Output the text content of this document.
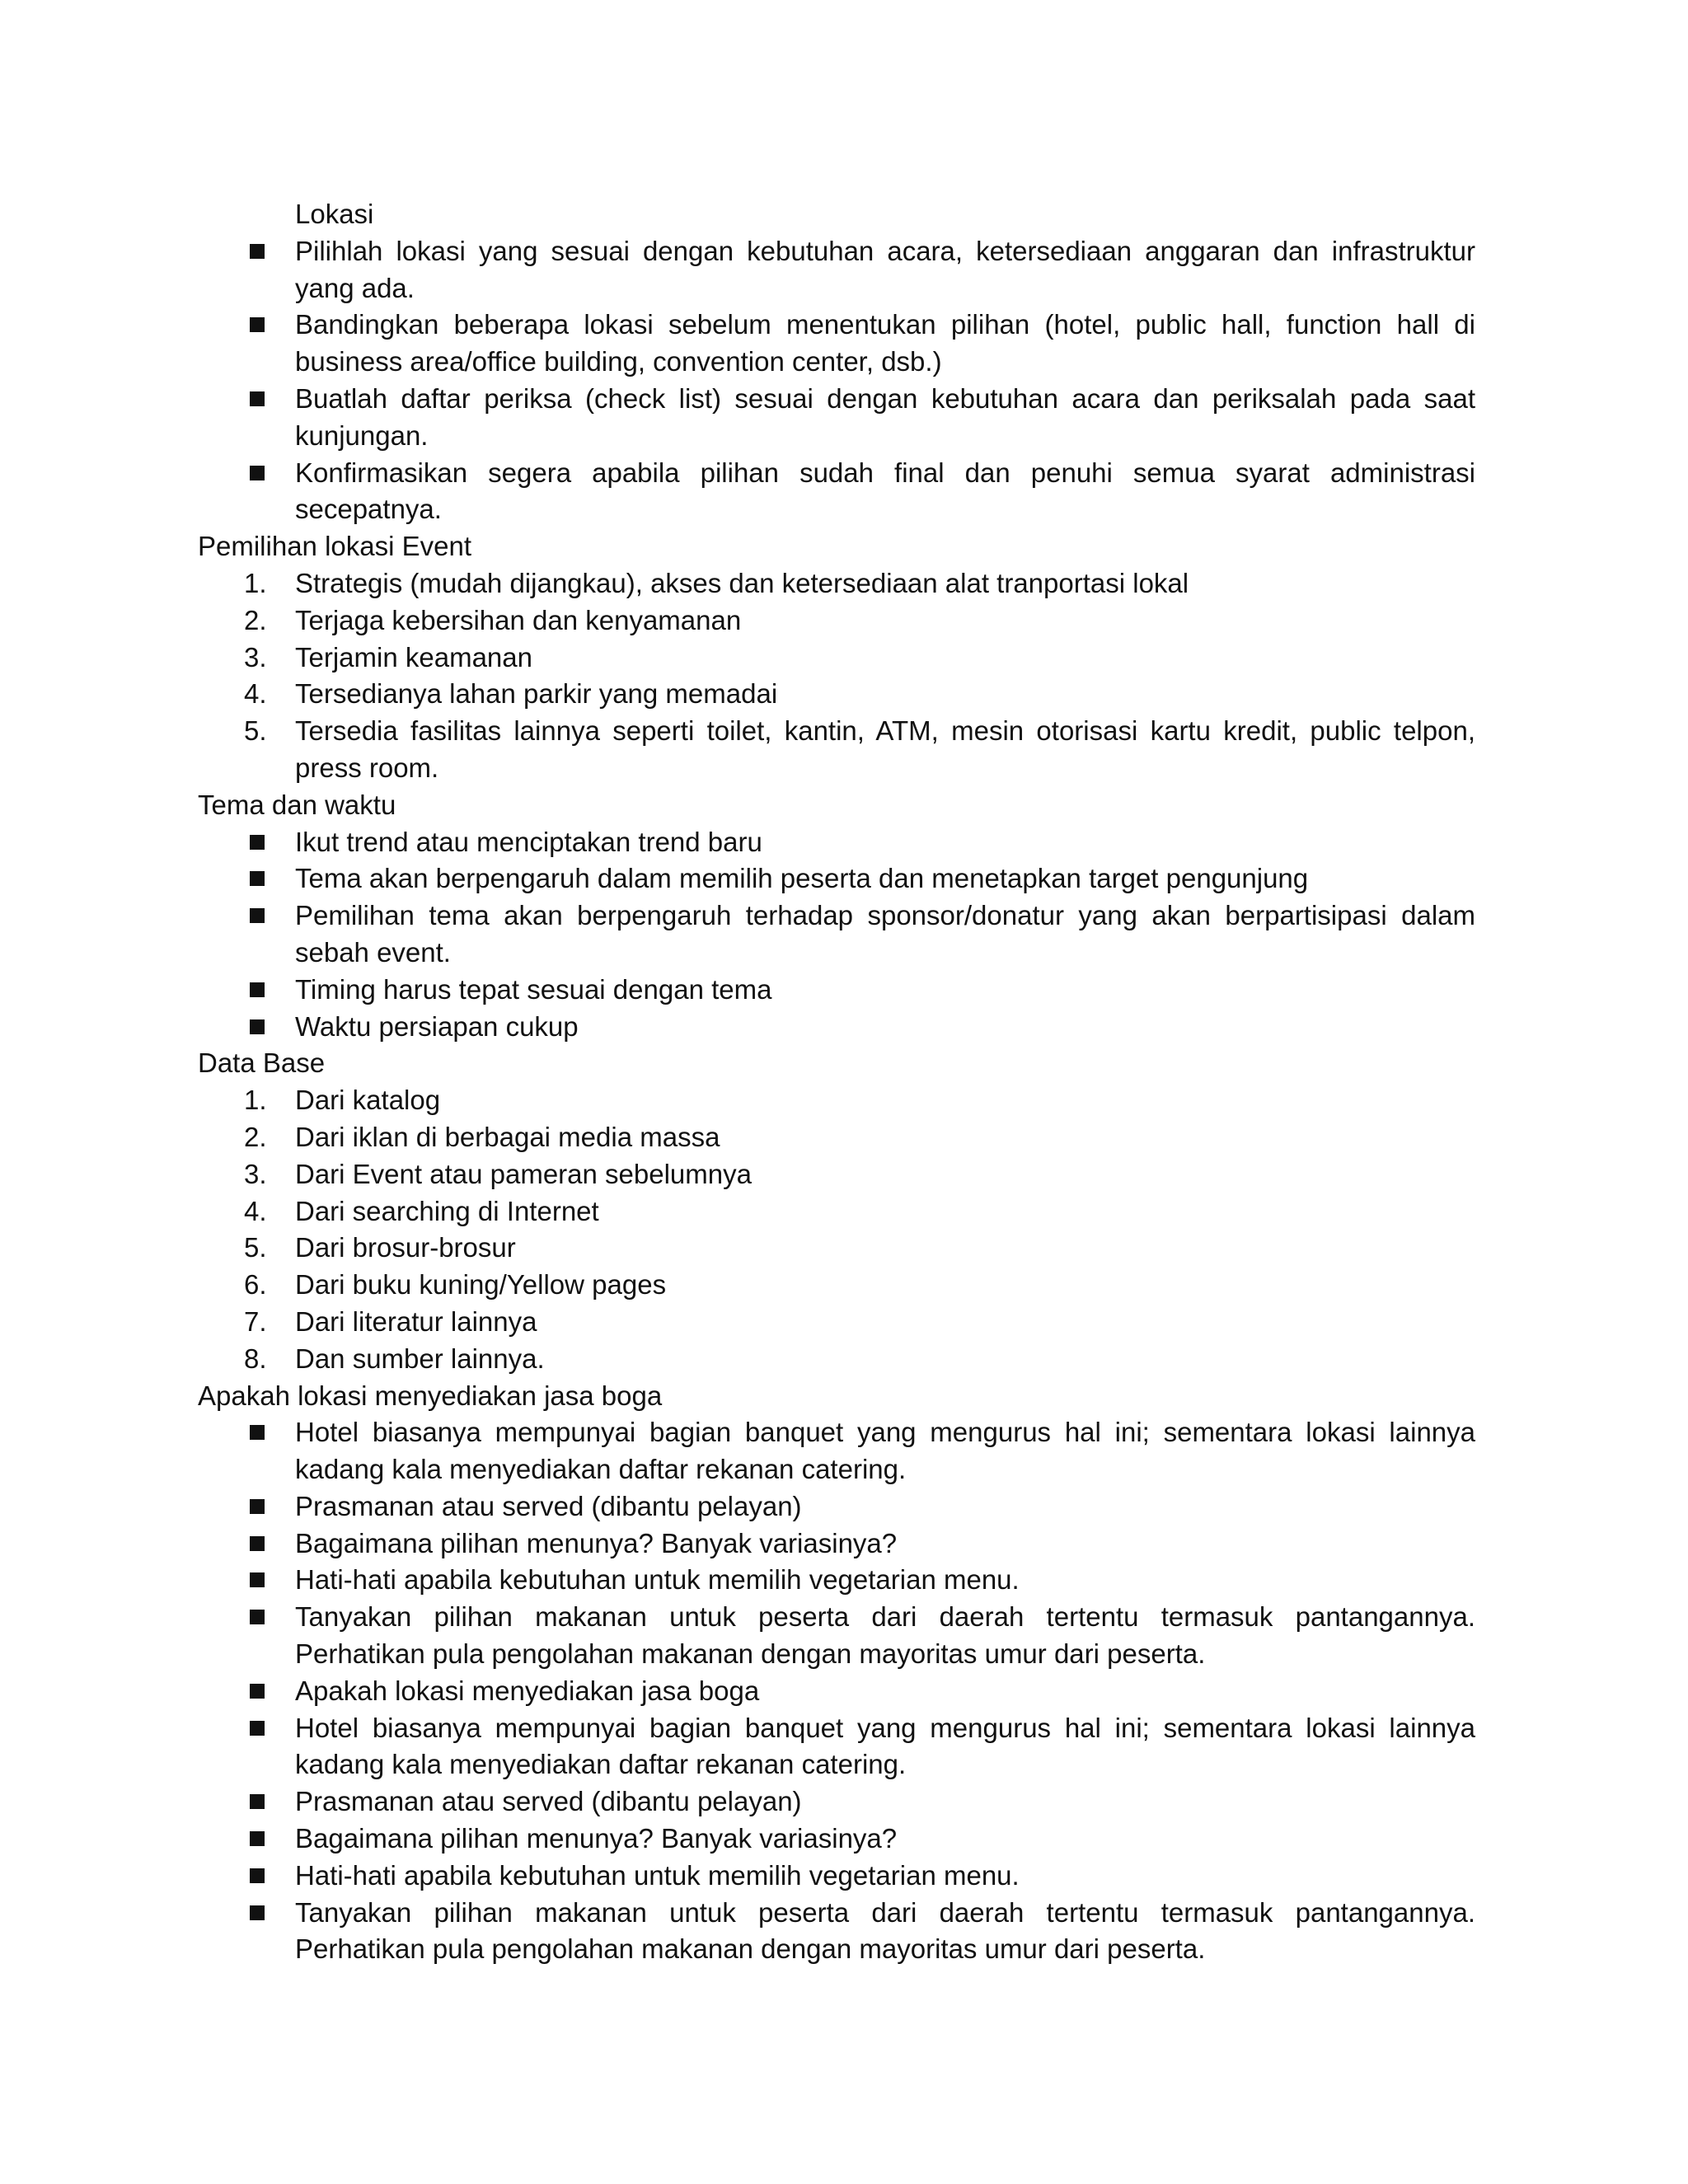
Lokasi
Pilihlah lokasi yang sesuai dengan kebutuhan acara, ketersediaan anggaran dan infrastruktur yang ada.
Bandingkan beberapa lokasi sebelum menentukan pilihan (hotel, public hall, function hall di business area/office building, convention center, dsb.)
Buatlah daftar periksa (check list) sesuai dengan kebutuhan acara dan periksalah pada saat kunjungan.
Konfirmasikan segera apabila pilihan sudah final dan penuhi semua syarat administrasi secepatnya.
Pemilihan lokasi Event
1.	Strategis (mudah dijangkau), akses dan ketersediaan alat tranportasi lokal
2.	Terjaga kebersihan dan kenyamanan
3.	Terjamin keamanan
4.	Tersedianya lahan parkir yang memadai
5.	Tersedia fasilitas lainnya seperti toilet, kantin, ATM, mesin otorisasi kartu kredit, public telpon, press room.
Tema dan waktu
Ikut trend atau menciptakan trend baru
Tema akan berpengaruh dalam memilih peserta dan menetapkan target pengunjung
Pemilihan tema akan berpengaruh terhadap sponsor/donatur yang akan berpartisipasi dalam sebah event.
Timing harus tepat sesuai dengan tema
Waktu persiapan cukup
Data Base
1.	Dari katalog
2.	Dari iklan di berbagai media massa
3.	Dari Event atau pameran sebelumnya
4.	Dari searching di Internet
5.	Dari brosur-brosur
6.	Dari buku kuning/Yellow pages
7.	Dari literatur lainnya
8.	Dan sumber lainnya.
Apakah lokasi menyediakan jasa boga
Hotel biasanya mempunyai bagian banquet yang mengurus hal ini; sementara lokasi lainnya kadang kala menyediakan daftar rekanan catering.
Prasmanan atau served (dibantu pelayan)
Bagaimana pilihan menunya? Banyak variasinya?
Hati-hati apabila kebutuhan untuk memilih vegetarian menu.
Tanyakan pilihan makanan untuk peserta dari daerah tertentu termasuk pantangannya. Perhatikan pula pengolahan makanan dengan mayoritas umur dari peserta.
Apakah lokasi menyediakan jasa boga
Hotel biasanya mempunyai bagian banquet yang mengurus hal ini; sementara lokasi lainnya kadang kala menyediakan daftar rekanan catering.
Prasmanan atau served (dibantu pelayan)
Bagaimana pilihan menunya? Banyak variasinya?
Hati-hati apabila kebutuhan untuk memilih vegetarian menu.
Tanyakan pilihan makanan untuk peserta dari daerah tertentu termasuk pantangannya. Perhatikan pula pengolahan makanan dengan mayoritas umur dari peserta.
